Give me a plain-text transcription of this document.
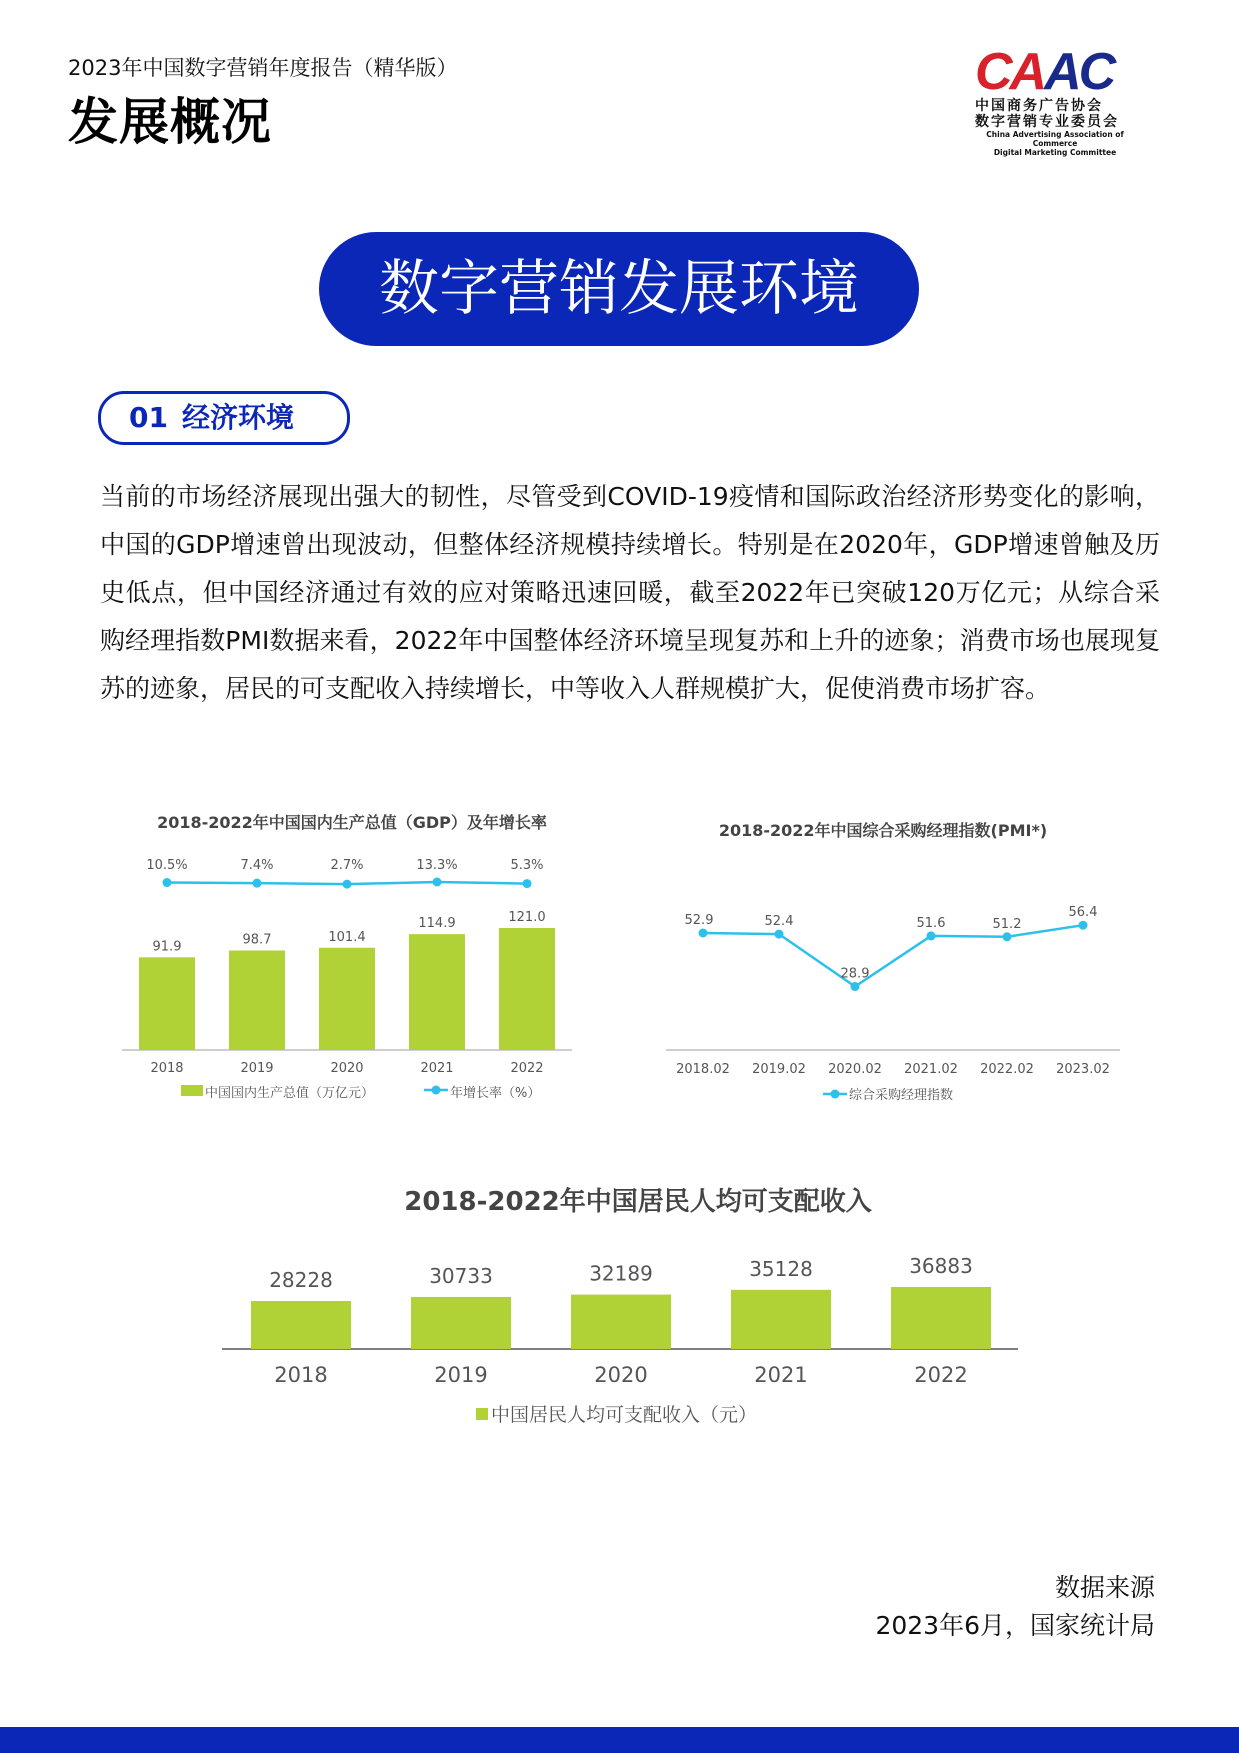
2023年中国数字营销年度报告（精华版）
发展概况
CAAC
中国商务广告协会
数字营销专业委员会
China Advertising Association of Commerce
Digital Marketing Committee
数字营销发展环境
01 经济环境
当前的市场经济展现出强大的韧性，尽管受到COVID-19疫情和国际政治经济形势变化的影响，中国的GDP增速曾出现波动，但整体经济规模持续增长。特别是在2020年，GDP增速曾触及历史低点，但中国经济通过有效的应对策略迅速回暖，截至2022年已突破120万亿元；从综合采购经理指数PMI数据来看，2022年中国整体经济环境呈现复苏和上升的迹象；消费市场也展现复苏的迹象，居民的可支配收入持续增长，中等收入人群规模扩大，促使消费市场扩容。
2018-2022年中国国内生产总值（GDP）及年增长率
91.9
2018
98.7
2019
101.4
2020
114.9
2021
121.0
2022
10.5%	7.4%	2.7%	13.3%	5.3%
中国国内生产总值（万亿元）	年增长率（%）
2018-2022年中国综合采购经理指数(PMI*)
52.9
2018.02
52.4
2019.02
28.9
2020.02
51.6
2021.02
51.2
2022.02
56.4
2023.02
综合采购经理指数
2018-2022年中国居民人均可支配收入
28228
2018
30733
2019
32189
2020
35128
2021
36883
2022
中国居民人均可支配收入（元）
数据来源
2023年6月，国家统计局
